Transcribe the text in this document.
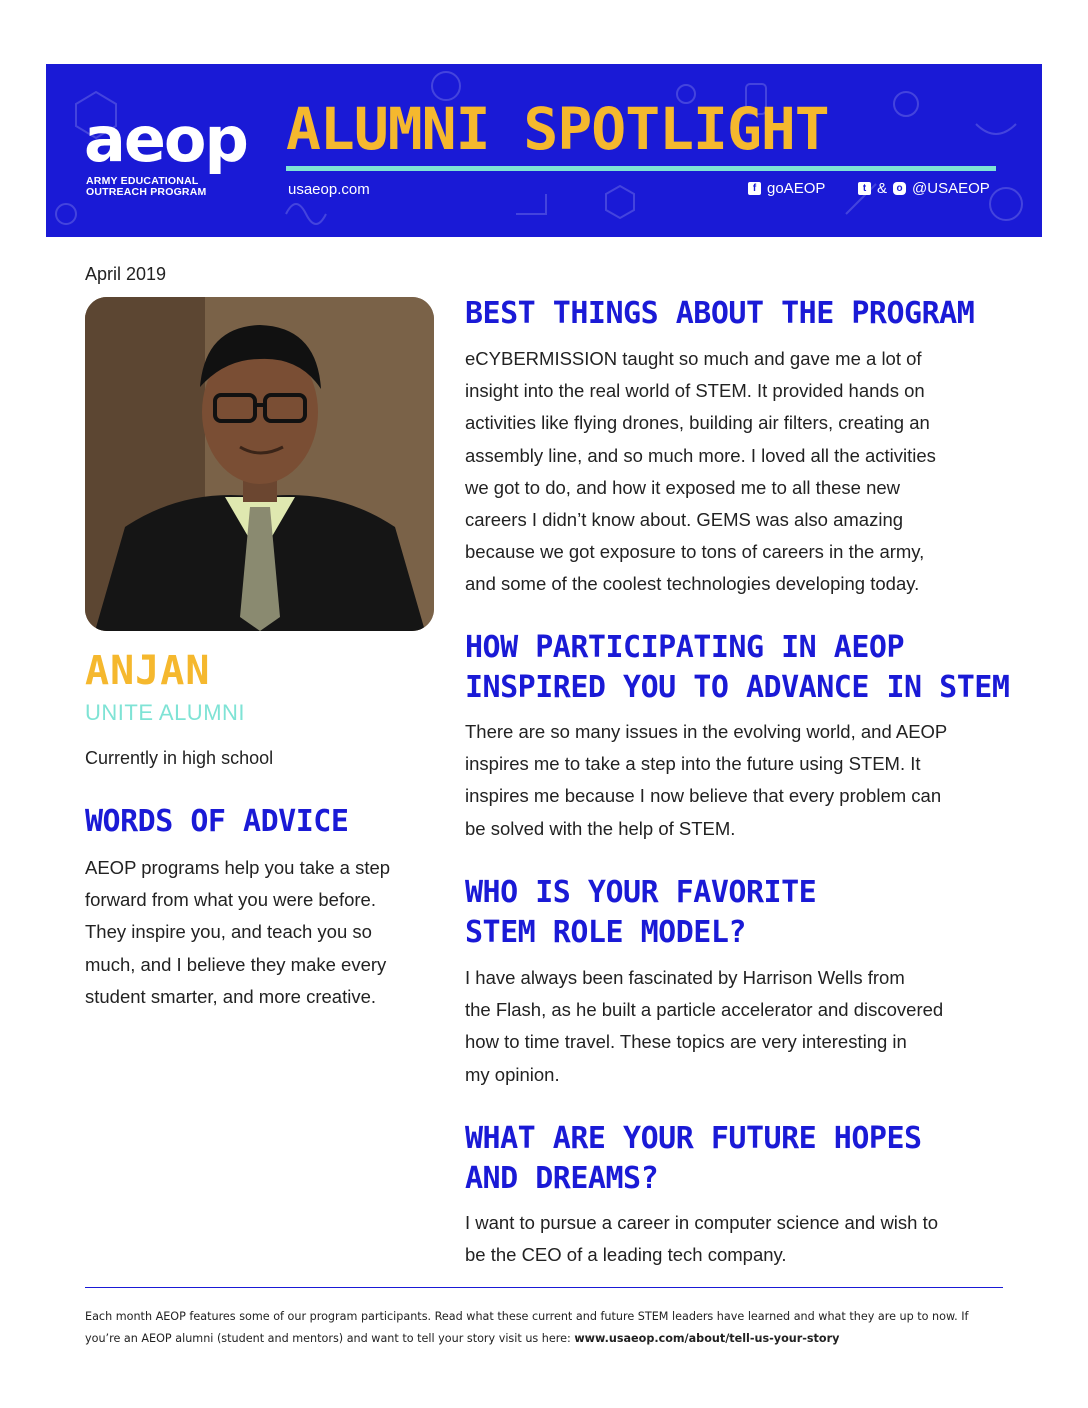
aeop
ARMY EDUCATIONAL
OUTREACH PROGRAM
ALUMNI SPOTLIGHT
usaeop.com	f goAEOP	t & o @USAEOP
April 2019
ANJAN
UNITE ALUMNI
Currently in high school
WORDS OF ADVICE

AEOP programs help you take a step
forward from what you were before.
They inspire you, and teach you so
much, and I believe they make every
student smarter, and more creative.

BEST THINGS ABOUT THE PROGRAM

eCYBERMISSION taught so much and gave me a lot of
insight into the real world of STEM. It provided hands on
activities like flying drones, building air filters, creating an
assembly line, and so much more. I loved all the activities
we got to do, and how it exposed me to all these new
careers I didn’t know about. GEMS was also amazing
because we got exposure to tons of careers in the army,
and some of the coolest technologies developing today.

HOW PARTICIPATING IN AEOP
INSPIRED YOU TO ADVANCE IN STEM

There are so many issues in the evolving world, and AEOP
inspires me to take a step into the future using STEM. It
inspires me because I now believe that every problem can
be solved with the help of STEM.

WHO IS YOUR FAVORITE
STEM ROLE MODEL?

I have always been fascinated by Harrison Wells from
the Flash, as he built a particle accelerator and discovered
how to time travel. These topics are very interesting in
my opinion.

WHAT ARE YOUR FUTURE HOPES
AND DREAMS?

I want to pursue a career in computer science and wish to
be the CEO of a leading tech company.

Each month AEOP features some of our program participants. Read what these current and future STEM leaders have learned and what they are up to now. If you’re an AEOP alumni (student and mentors) and want to tell your story visit us here: www.usaeop.com/about/tell-us-your-story
